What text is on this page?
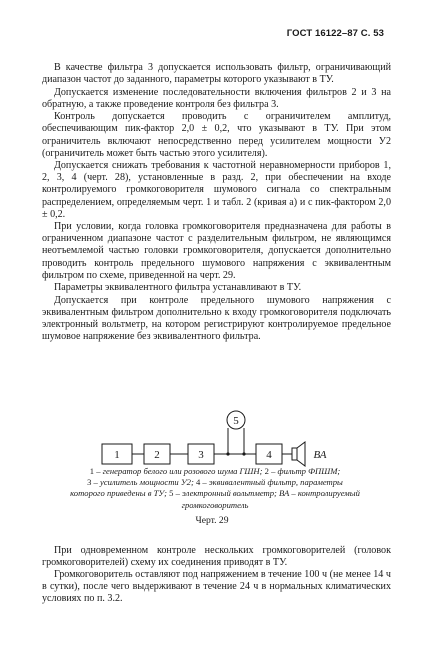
ГОСТ 16122–87 С. 53

В качестве фильтра 3 допускается использовать фильтр, ограничивающий диапазон частот до заданного, параметры которого указывают в ТУ.

Допускается изменение последовательности включения фильтров 2 и 3 на обратную, а также проведение контроля без фильтра 3.

Контроль допускается проводить с ограничителем амплитуд, обеспечивающим пик-фактор 2,0 ± 0,2, что указывают в ТУ. При этом ограничитель включают непосредственно перед усилителем мощности У2 (ограничитель может быть частью этого усилителя).

Допускается снижать требования к частотной неравномерности приборов 1, 2, 3, 4 (черт. 28), установленные в разд. 2, при обеспечении на входе контролируемого громкоговорителя шумового сигнала со спектральным распределением, определяемым черт. 1 и табл. 2 (кривая а) и с пик-фактором 2,0 ± 0,2.

При условии, когда головка громкоговорителя предназначена для работы в ограниченном диапазоне частот с разделительным фильтром, не являющимся неотъемлемой частью головки громкоговорителя, допускается дополнительно проводить контроль предельного шумового напряжения с эквивалентным фильтром по схеме, приведенной на черт. 29.

Параметры эквивалентного фильтра устанавливают в ТУ.

Допускается при контроле предельного шумового напряжения с эквивалентным фильтром дополнительно к входу громкоговорителя подключать электронный вольтметр, на котором регистрируют контролируемое предельное шумовое напряжение без эквивалентного фильтра.

1	2	3	4
5
ВА
1 – генератор белого или розового шума ГШН; 2 – фильтр ФПШМ;
3 – усилитель мощности У2; 4 – эквивалентный фильтр, параметры которого приведены в ТУ; 5 – электронный вольтметр; ВА – контролируемый громкоговоритель
Черт. 29

При одновременном контроле нескольких громкоговорителей (головок громкоговорителей) схему их соединения приводят в ТУ.

Громкоговоритель оставляют под напряжением в течение 100 ч (не менее 14 ч в сутки), после чего выдерживают в течение 24 ч в нормальных климатических условиях по п. 3.2.
